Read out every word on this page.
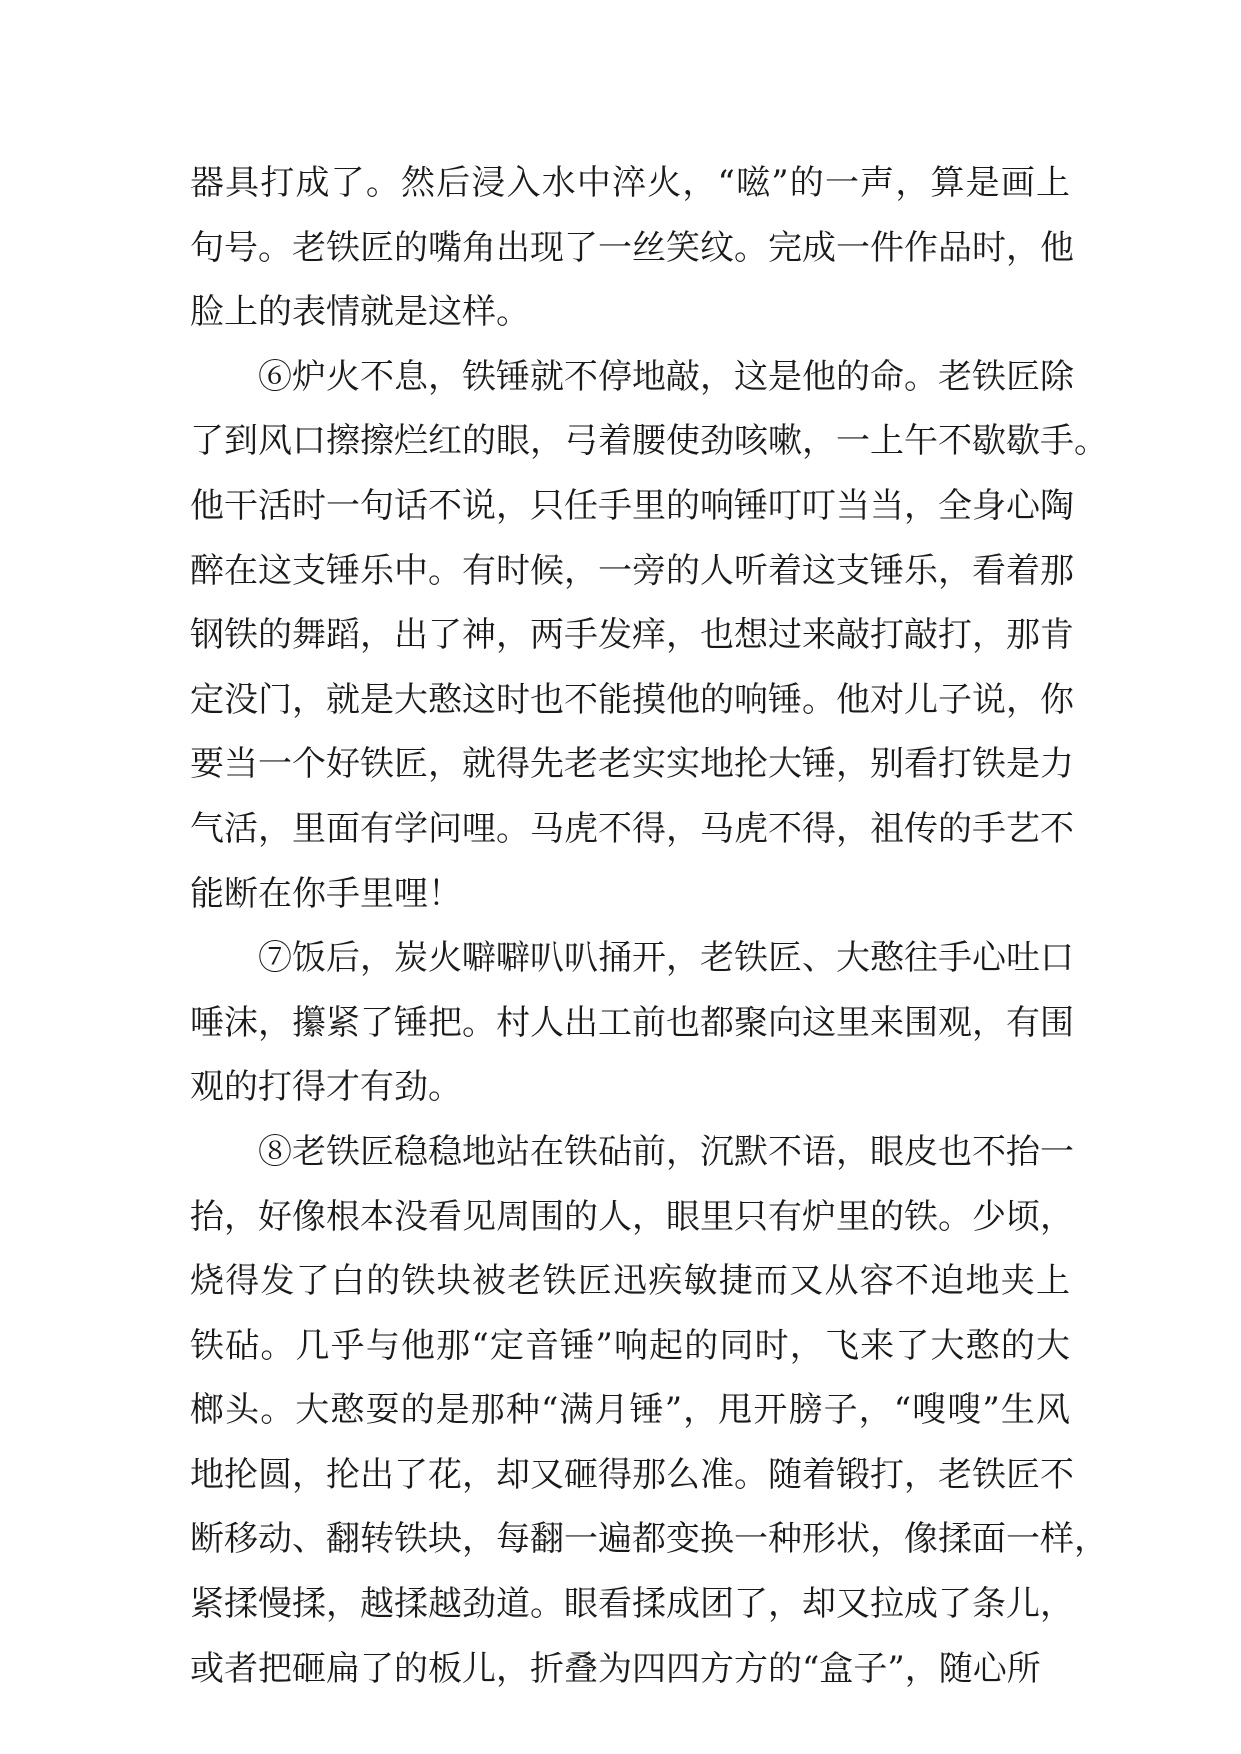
器具打成了。然后浸入水中淬火，“嗞”的一声，算是画上
句号。老铁匠的嘴角出现了一丝笑纹。完成一件作品时，他
脸上的表情就是这样。
⑥炉火不息，铁锤就不停地敲，这是他的命。老铁匠除
了到风口擦擦烂红的眼，弓着腰使劲咳嗽，一上午不歇歇手。
他干活时一句话不说，只任手里的响锤叮叮当当，全身心陶
醉在这支锤乐中。有时候，一旁的人听着这支锤乐，看着那
钢铁的舞蹈，出了神，两手发痒，也想过来敲打敲打，那肯
定没门，就是大憨这时也不能摸他的响锤。他对儿子说，你
要当一个好铁匠，就得先老老实实地抡大锤，别看打铁是力
气活，里面有学问哩。马虎不得，马虎不得，祖传的手艺不
能断在你手里哩！
⑦饭后，炭火噼噼叭叭捅开，老铁匠、大憨往手心吐口
唾沫，攥紧了锤把。村人出工前也都聚向这里来围观，有围
观的打得才有劲。
⑧老铁匠稳稳地站在铁砧前，沉默不语，眼皮也不抬一
抬，好像根本没看见周围的人，眼里只有炉里的铁。少顷，
烧得发了白的铁块被老铁匠迅疾敏捷而又从容不迫地夹上
铁砧。几乎与他那“定音锤”响起的同时，飞来了大憨的大
榔头。大憨耍的是那种“满月锤”，甩开膀子，“嗖嗖”生风
地抡圆，抡出了花，却又砸得那么准。随着锻打，老铁匠不
断移动、翻转铁块，每翻一遍都变换一种形状，像揉面一样，
紧揉慢揉，越揉越劲道。眼看揉成团了，却又拉成了条儿，
或者把砸扁了的板儿，折叠为四四方方的“盒子”，随心所
